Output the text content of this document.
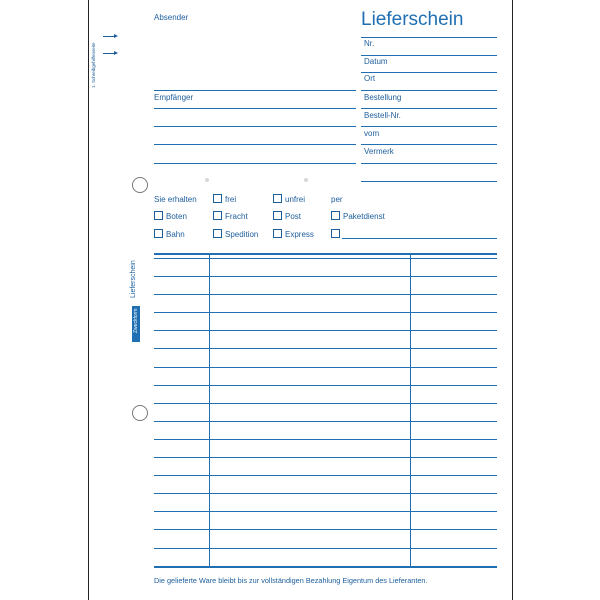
1. Schreibgehilfenseite
Lieferschein
Zweckform
Absender	Lieferschein
Nr.
Datum
Ort
Bestellung
Bestell-Nr.
vom
Vermerk
Empfänger
Sie erhalten	frei	unfrei	per
Boten	Fracht	Post	Paketdienst
Bahn	Spedition	Express
Die gelieferte Ware bleibt bis zur vollständigen Bezahlung Eigentum des Lieferanten.
